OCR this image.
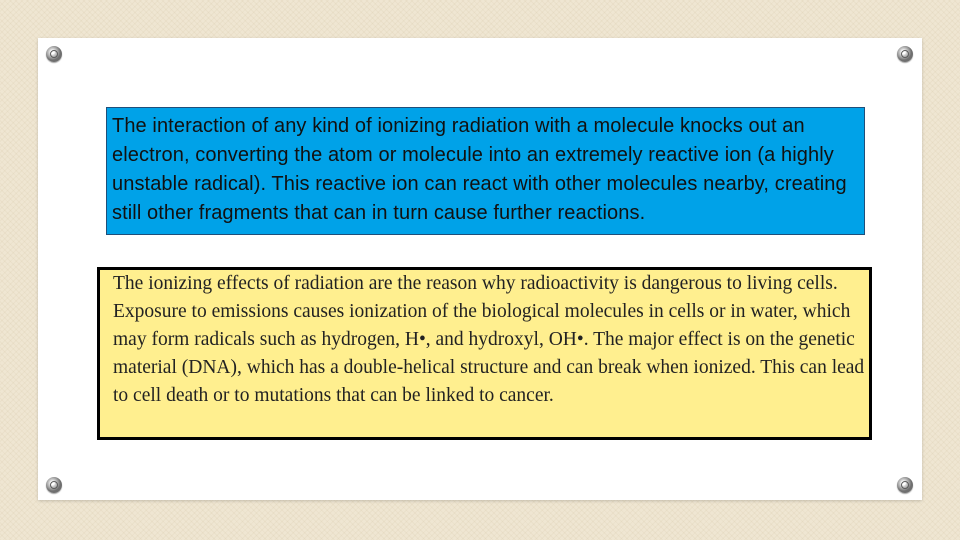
The interaction of any kind of ionizing radiation with a molecule knocks out an electron, converting the atom or molecule into an extremely reactive ion (a highly unstable radical). This reactive ion can react with other molecules nearby, creating still other fragments that can in turn cause further reactions.

The ionizing effects of radiation are the reason why radioactivity is dangerous to living cells. Exposure to emissions causes ionization of the biological molecules in cells or in water, which may form radicals such as hydrogen, H•, and hydroxyl, OH•. The major effect is on the genetic material (DNA), which has a double-helical structure and can break when ionized. This can lead to cell death or to mutations that can be linked to cancer.
